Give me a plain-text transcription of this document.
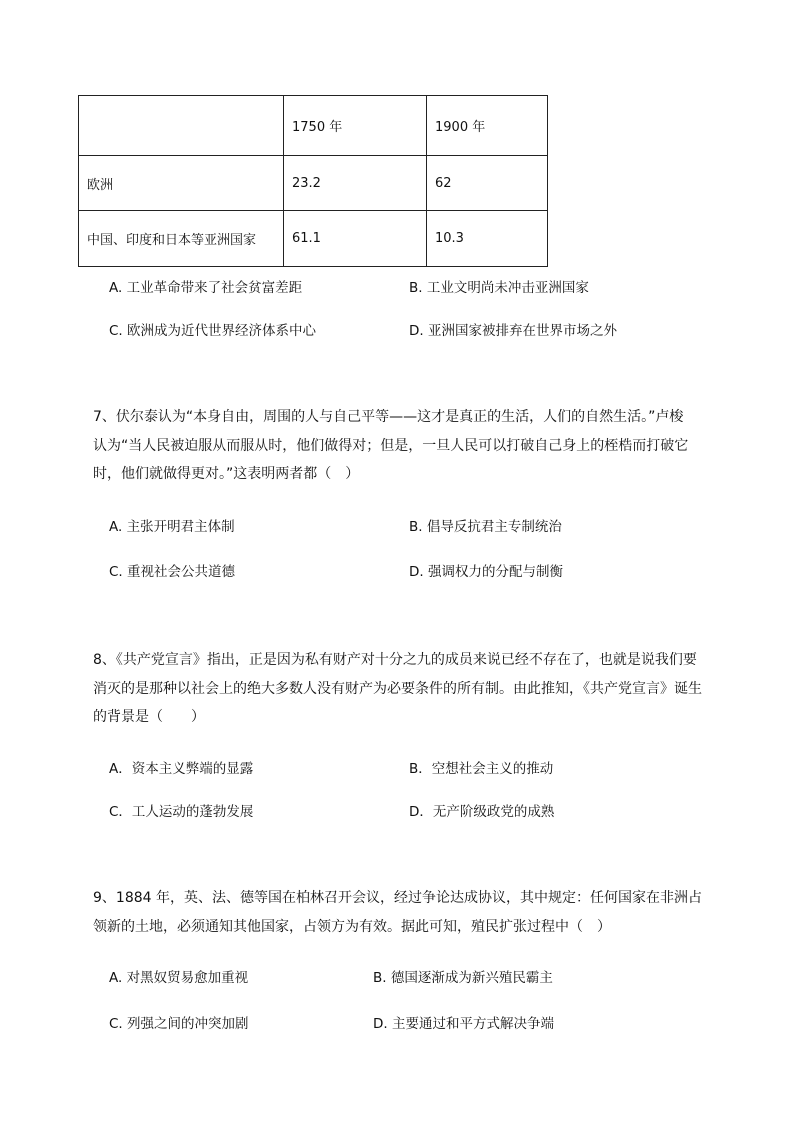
	1750 年	1900 年
欧洲	23.2	62
中国、印度和日本等亚洲国家	61.1	10.3
A. 工业革命带来了社会贫富差距	B. 工业文明尚未冲击亚洲国家
C. 欧洲成为近代世界经济体系中心	D. 亚洲国家被排弃在世界市场之外

7、伏尔泰认为“本身自由，周围的人与自己平等——这才是真正的生活，人们的自然生活。”卢梭

认为“当人民被迫服从而服从时，他们做得对；但是，一旦人民可以打破自己身上的桎梏而打破它

时，他们就做得更对。”这表明两者都（　）

A. 主张开明君主体制	B. 倡导反抗君主专制统治
C. 重视社会公共道德	D. 强调权力的分配与制衡

8、《共产党宣言》指出，正是因为私有财产对十分之九的成员来说已经不存在了，也就是说我们要

消灭的是那种以社会上的绝大多数人没有财产为必要条件的所有制。由此推知，《共产党宣言》诞生

的背景是（　　）

A．资本主义弊端的显露	B．空想社会主义的推动
C．工人运动的蓬勃发展	D．无产阶级政党的成熟

9、1884 年，英、法、德等国在柏林召开会议，经过争论达成协议，其中规定：任何国家在非洲占

领新的土地，必须通知其他国家，占领方为有效。据此可知，殖民扩张过程中（　）

A. 对黑奴贸易愈加重视	B. 德国逐渐成为新兴殖民霸主
C. 列强之间的冲突加剧	D. 主要通过和平方式解决争端
